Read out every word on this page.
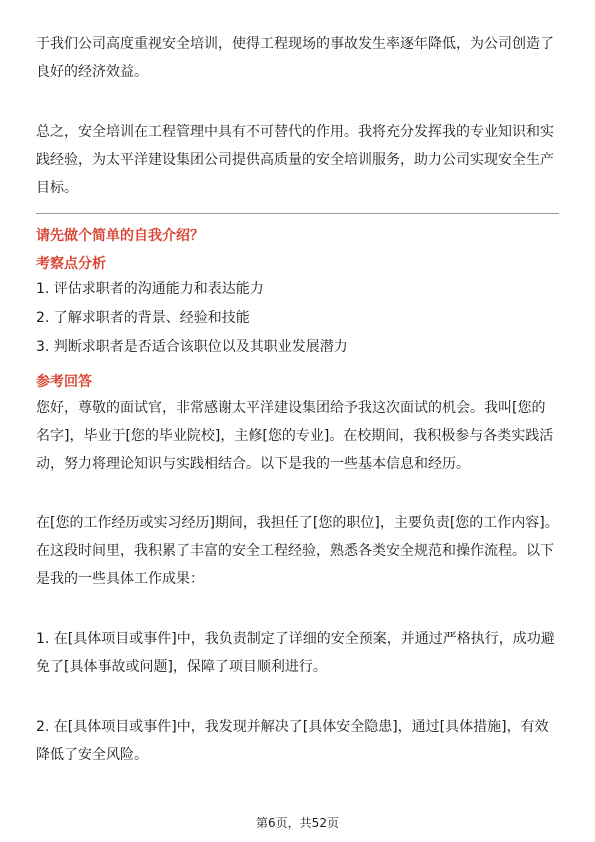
于我们公司高度重视安全培训，使得工程现场的事故发生率逐年降低，为公司创造了良好的经济效益。

总之，安全培训在工程管理中具有不可替代的作用。我将充分发挥我的专业知识和实践经验，为太平洋建设集团公司提供高质量的安全培训服务，助力公司实现安全生产目标。

请先做个简单的自我介绍？
考察点分析
1. 评估求职者的沟通能力和表达能力
2. 了解求职者的背景、经验和技能
3. 判断求职者是否适合该职位以及其职业发展潜力
参考回答

您好，尊敬的面试官，非常感谢太平洋建设集团给予我这次面试的机会。我叫[您的名字]，毕业于[您的毕业院校]，主修[您的专业]。在校期间，我积极参与各类实践活动，努力将理论知识与实践相结合。以下是我的一些基本信息和经历。

在[您的工作经历或实习经历]期间，我担任了[您的职位]，主要负责[您的工作内容]。在这段时间里，我积累了丰富的安全工程经验，熟悉各类安全规范和操作流程。以下是我的一些具体工作成果：

1. 在[具体项目或事件]中，我负责制定了详细的安全预案，并通过严格执行，成功避免了[具体事故或问题]，保障了项目顺利进行。

2. 在[具体项目或事件]中，我发现并解决了[具体安全隐患]，通过[具体措施]，有效降低了安全风险。

第6页，共52页
